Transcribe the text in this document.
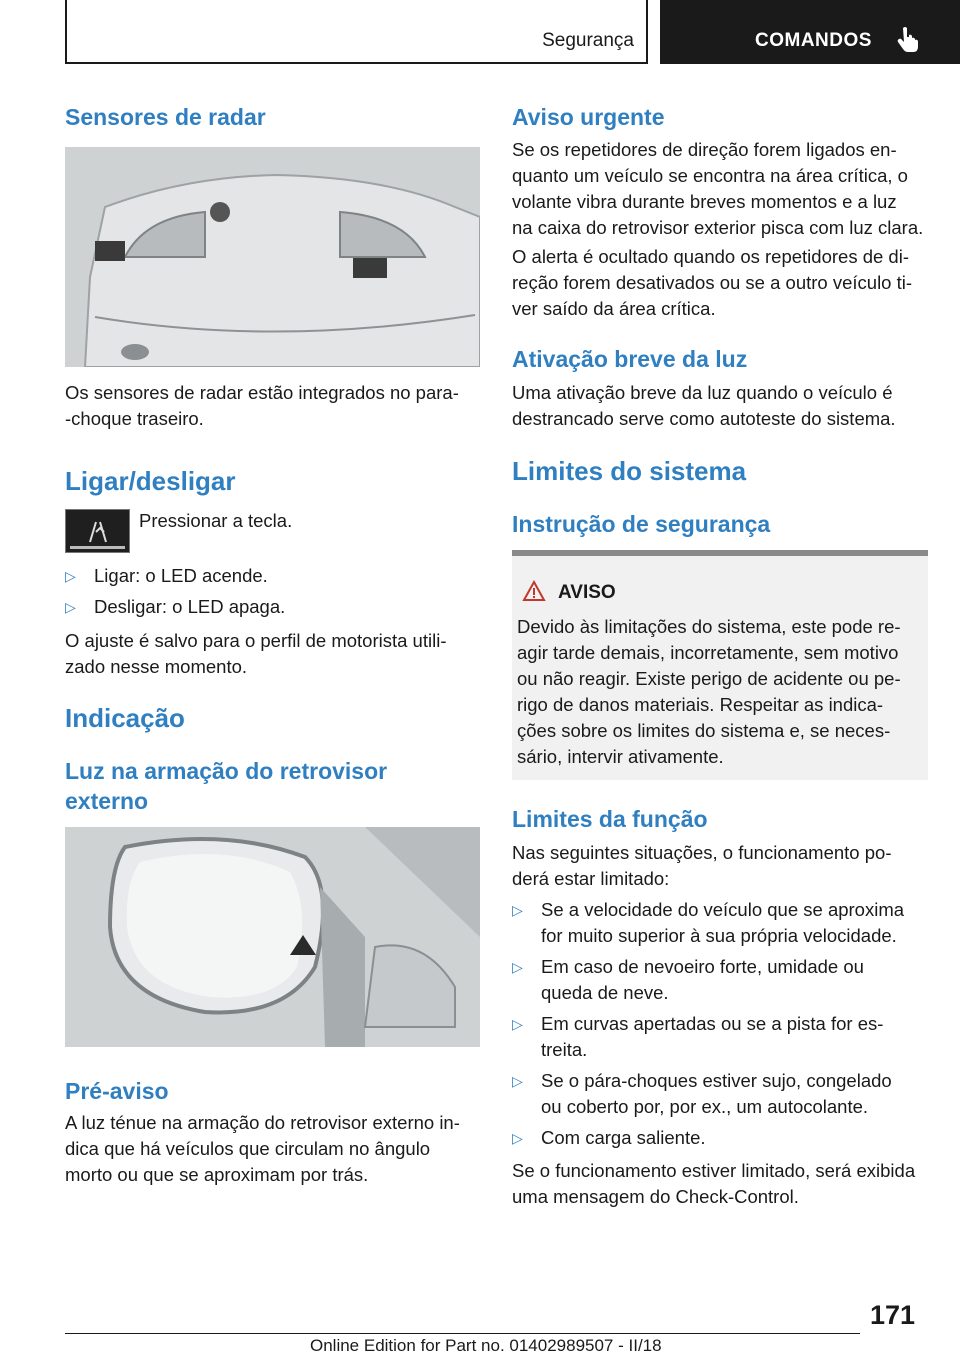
Segurança	COMANDOS
Sensores de radar

Os sensores de radar estão integrados no para-
-choque traseiro.

Ligar/desligar

Pressionar a tecla.

▷ Ligar: o LED acende.
▷ Desligar: o LED apaga.

O ajuste é salvo para o perfil de motorista utili-
zado nesse momento.

Indicação
Luz na armação do retrovisor
externo
Pré-aviso

A luz ténue na armação do retrovisor externo in-
dica que há veículos que circulam no ângulo
morto ou que se aproximam por trás.

Aviso urgente

Se os repetidores de direção forem ligados en-
quanto um veículo se encontra na área crítica, o
volante vibra durante breves momentos e a luz
na caixa do retrovisor exterior pisca com luz clara.

O alerta é ocultado quando os repetidores de di-
reção forem desativados ou se a outro veículo ti-
ver saído da área crítica.

Ativação breve da luz

Uma ativação breve da luz quando o veículo é
destrancado serve como autoteste do sistema.

Limites do sistema
Instrução de segurança
AVISO

Devido às limitações do sistema, este pode re-
agir tarde demais, incorretamente, sem motivo
ou não reagir. Existe perigo de acidente ou pe-
rigo de danos materiais. Respeitar as indica-
ções sobre os limites do sistema e, se neces-
sário, intervir ativamente.

Limites da função

Nas seguintes situações, o funcionamento po-
derá estar limitado:

▷ Se a velocidade do veículo que se aproxima
for muito superior à sua própria velocidade.

▷ Em caso de nevoeiro forte, umidade ou
queda de neve.

▷ Em curvas apertadas ou se a pista for es-
treita.

▷ Se o pára-choques estiver sujo, congelado
ou coberto por, por ex., um autocolante.

▷ Com carga saliente.

Se o funcionamento estiver limitado, será exibida
uma mensagem do Check-Control.

171
Online Edition for Part no. 01402989507 - II/18
